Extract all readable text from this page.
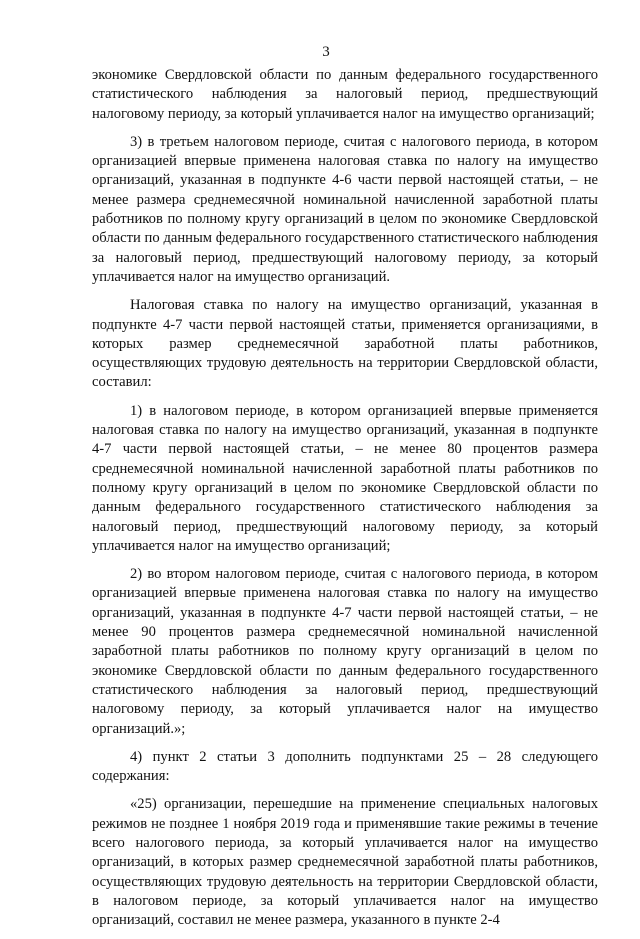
3

экономике Свердловской области по данным федерального государственного статистического наблюдения за налоговый период, предшествующий налоговому периоду, за который уплачивается налог на имущество организаций;

3) в третьем налоговом периоде, считая с налогового периода, в котором организацией впервые применена налоговая ставка по налогу на имущество организаций, указанная в подпункте 4-6 части первой настоящей статьи, – не менее размера среднемесячной номинальной начисленной заработной платы работников по полному кругу организаций в целом по экономике Свердловской области по данным федерального государственного статистического наблюдения за налоговый период, предшествующий налоговому периоду, за который уплачивается налог на имущество организаций.

Налоговая ставка по налогу на имущество организаций, указанная в подпункте 4-7 части первой настоящей статьи, применяется организациями, в которых размер среднемесячной заработной платы работников, осуществляющих трудовую деятельность на территории Свердловской области, составил:

1) в налоговом периоде, в котором организацией впервые применяется налоговая ставка по налогу на имущество организаций, указанная в подпункте 4-7 части первой настоящей статьи, – не менее 80 процентов размера среднемесячной номинальной начисленной заработной платы работников по полному кругу организаций в целом по экономике Свердловской области по данным федерального государственного статистического наблюдения за налоговый период, предшествующий налоговому периоду, за который уплачивается налог на имущество организаций;

2) во втором налоговом периоде, считая с налогового периода, в котором организацией впервые применена налоговая ставка по налогу на имущество организаций, указанная в подпункте 4-7 части первой настоящей статьи, – не менее 90 процентов размера среднемесячной номинальной начисленной заработной платы работников по полному кругу организаций в целом по экономике Свердловской области по данным федерального государственного статистического наблюдения за налоговый период, предшествующий налоговому периоду, за который уплачивается налог на имущество организаций.»;

4) пункт 2 статьи 3 дополнить подпунктами 25 – 28 следующего содержания:

«25) организации, перешедшие на применение специальных налоговых режимов не позднее 1 ноября 2019 года и применявшие такие режимы в течение всего налогового периода, за который уплачивается налог на имущество организаций, в которых размер среднемесячной заработной платы работников, осуществляющих трудовую деятельность на территории Свердловской области, в налоговом периоде, за который уплачивается налог на имущество организаций, составил не менее размера, указанного в пункте 2-4
